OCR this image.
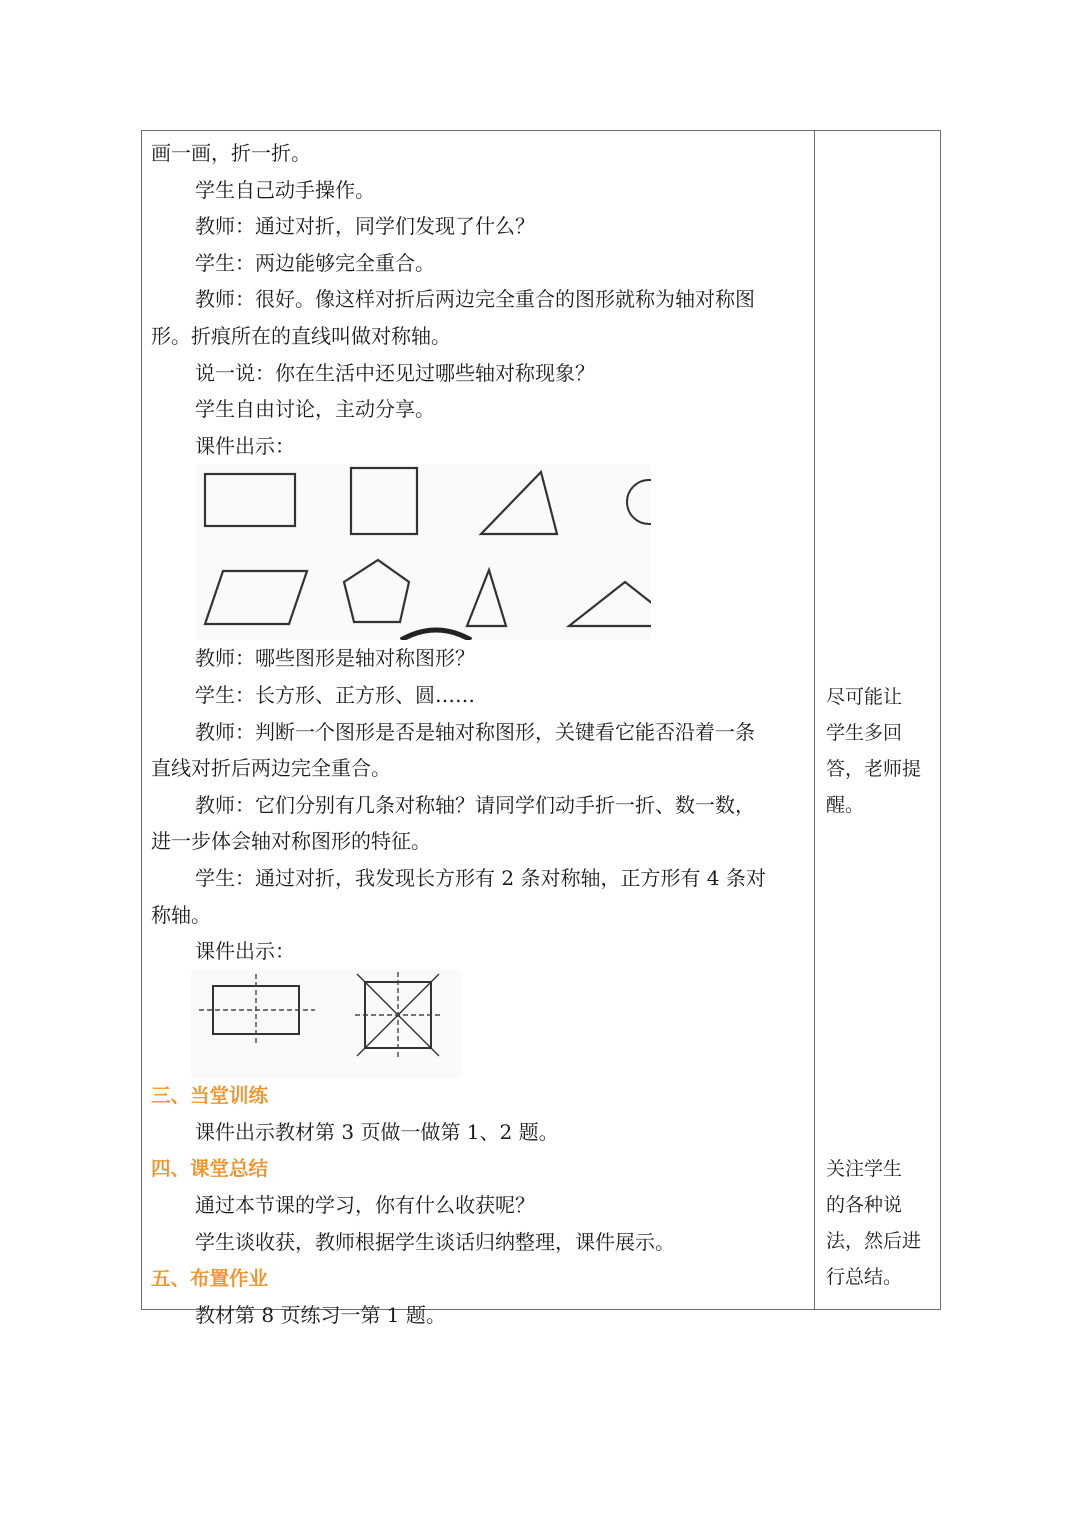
画一画，折一折。
学生自己动手操作。
教师：通过对折，同学们发现了什么？
学生：两边能够完全重合。
教师：很好。像这样对折后两边完全重合的图形就称为轴对称图
形。折痕所在的直线叫做对称轴。
说一说：你在生活中还见过哪些轴对称现象？
学生自由讨论，主动分享。
课件出示：
教师：哪些图形是轴对称图形？
学生：长方形、正方形、圆……
教师：判断一个图形是否是轴对称图形，关键看它能否沿着一条
直线对折后两边完全重合。
教师：它们分别有几条对称轴？请同学们动手折一折、数一数，
进一步体会轴对称图形的特征。
学生：通过对折，我发现长方形有 2 条对称轴，正方形有 4 条对
称轴。
课件出示：
三、当堂训练
课件出示教材第 3 页做一做第 1、2 题。
四、课堂总结
通过本节课的学习，你有什么收获呢？
学生谈收获，教师根据学生谈话归纳整理，课件展示。
五、布置作业
教材第 8 页练习一第 1 题。
尽可能让
学生多回
答，老师提
醒。
关注学生
的各种说
法，然后进
行总结。
